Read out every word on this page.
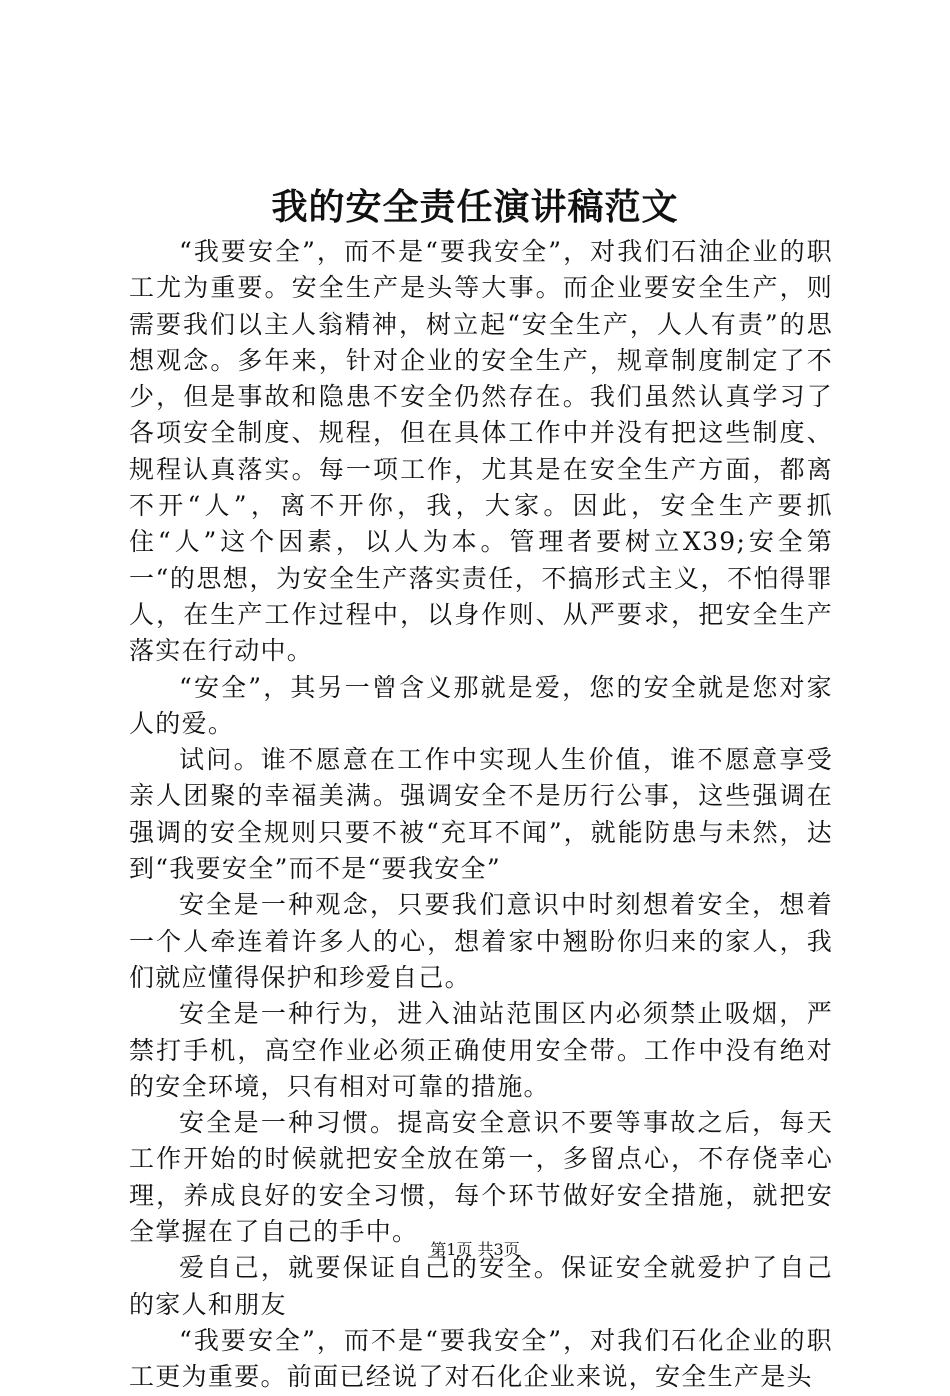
我的安全责任演讲稿范文

“我要安全”，而不是“要我安全”，对我们石油企业的职工尤为重要。安全生产是头等大事。而企业要安全生产，则需要我们以主人翁精神，树立起“安全生产，人人有责”的思想观念。多年来，针对企业的安全生产，规章制度制定了不少，但是事故和隐患不安全仍然存在。我们虽然认真学习了各项安全制度、规程，但在具体工作中并没有把这些制度、规程认真落实。每一项工作，尤其是在安全生产方面，都离不开“人”，离不开你，我，大家。因此，安全生产要抓住“人”这个因素，以人为本。管理者要树立X39;安全第一“的思想，为安全生产落实责任，不搞形式主义，不怕得罪人，在生产工作过程中，以身作则、从严要求，把安全生产落实在行动中。

“安全”，其另一曾含义那就是爱，您的安全就是您对家人的爱。

试问。谁不愿意在工作中实现人生价值，谁不愿意享受亲人团聚的幸福美满。强调安全不是历行公事，这些强调在强调的安全规则只要不被“充耳不闻”，就能防患与未然，达到“我要安全”而不是“要我安全”

安全是一种观念，只要我们意识中时刻想着安全，想着一个人牵连着许多人的心，想着家中翘盼你归来的家人，我们就应懂得保护和珍爱自己。

安全是一种行为，进入油站范围区内必须禁止吸烟，严禁打手机，高空作业必须正确使用安全带。工作中没有绝对的安全环境，只有相对可靠的措施。

安全是一种习惯。提高安全意识不要等事故之后，每天工作开始的时候就把安全放在第一，多留点心，不存侥幸心理，养成良好的安全习惯，每个环节做好安全措施，就把安全掌握在了自己的手中。

爱自己，就要保证自己的安全。保证安全就爱护了自己的家人和朋友

“我要安全”，而不是“要我安全”，对我们石化企业的职工更为重要。前面已经说了对石化企业来说，安全生产是头

第1页 共3页
